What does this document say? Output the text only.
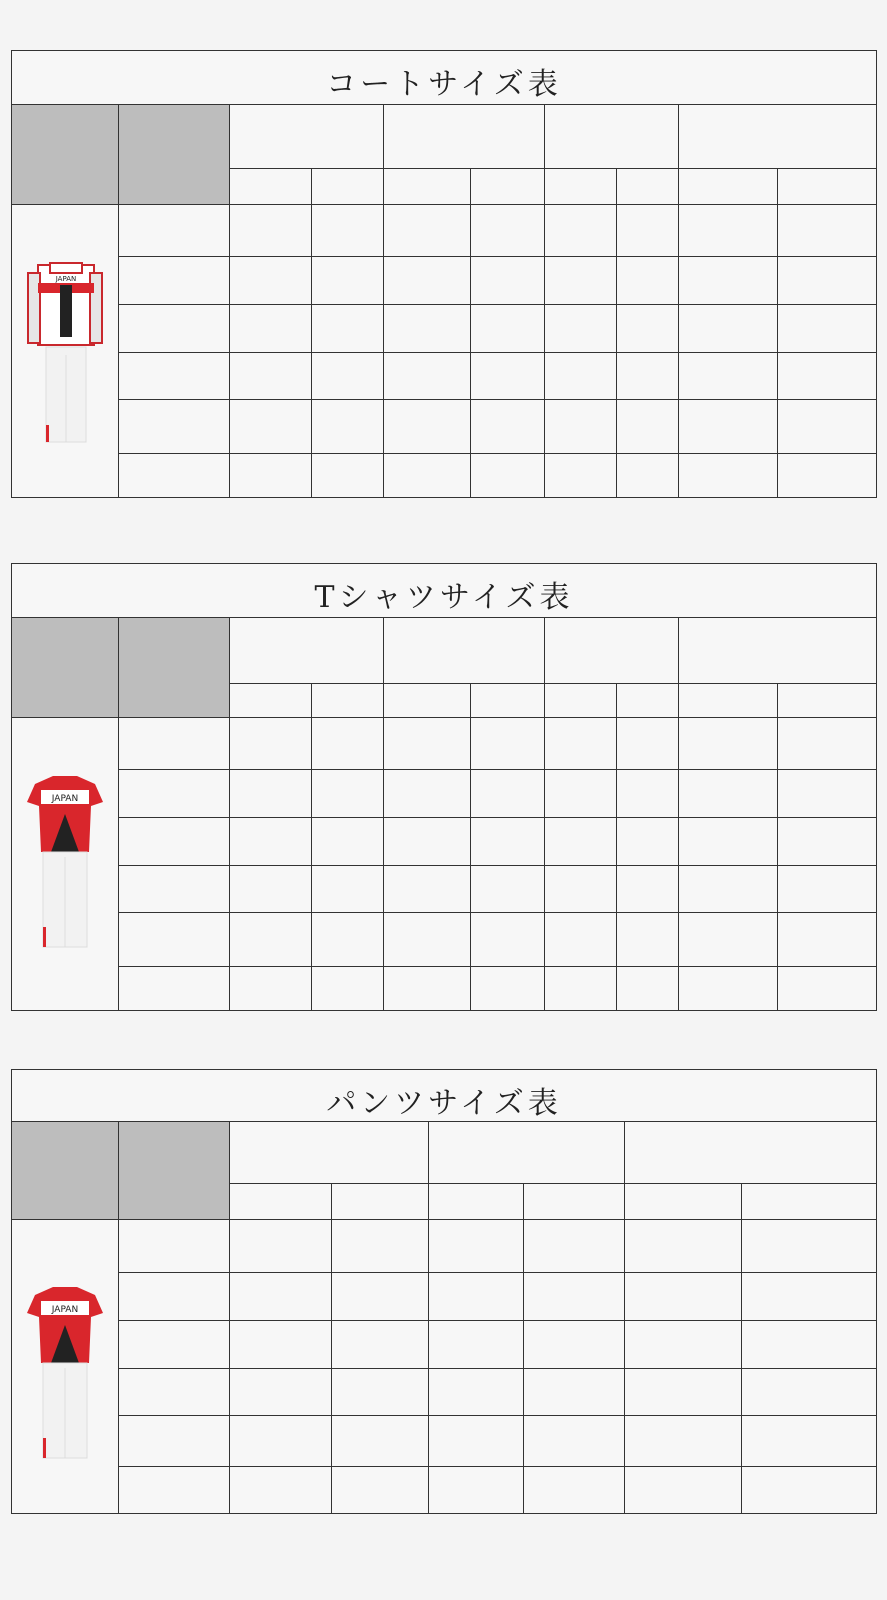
コートサイズ表
Tシャツサイズ表
パンツサイズ表
JAPAN
JAPAN
JAPAN
